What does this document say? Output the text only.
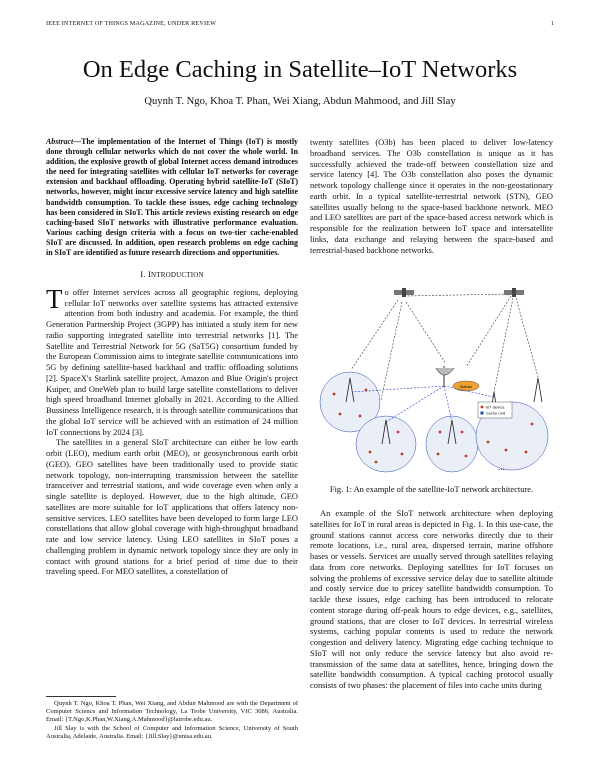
IEEE INTERNET OF THINGS MAGAZINE, UNDER REVIEW	1
On Edge Caching in Satellite–IoT Networks
Quynh T. Ngo, Khoa T. Phan, Wei Xiang, Abdun Mahmood, and Jill Slay
Abstract—The implementation of the Internet of Things (IoT) is mostly done through cellular networks which do not cover the whole world. In addition, the explosive growth of global Internet access demand introduces the need for integrating satellites with cellular IoT networks for coverage extension and backhaul offloading. Operating hybrid satellite-IoT (SIoT) networks, however, might incur excessive service latency and high satellite bandwidth consumption. To tackle these issues, edge caching technology has been considered in SIoT. This article reviews existing research on edge caching-based SIoT networks with illustrative performance evaluation. Various caching design criteria with a focus on two-tier cache-enabled SIoT are discussed. In addition, open research problems on edge caching in SIoT are identified as future research directions and opportunities.
I. INTRODUCTION

To offer Internet services across all geographic regions, deploying cellular IoT networks over satellite systems has attracted extensive attention from both industry and academia. For example, the third Generation Partnership Project (3GPP) has initiated a study item for new radio supporting integrated satellite into terrestrial networks [1]. The Satellite and Terrestrial Network for 5G (SaT5G) consortium funded by the European Commission aims to integrate satellite communications into 5G by defining satellite-based backhaul and traffic offloading solutions [2]. SpaceX's Starlink satellite project, Amazon and Blue Origin's project Kuiper, and OneWeb plan to build large satellite constellations to deliver high speed broadband Internet globally in 2021. According to the Allied Bussiness Intelligence research, it is through satellite communications that the global IoT service will be achieved with an estimation of 24 million IoT connections by 2024 [3].

The satellites in a general SIoT architecture can either be low earth orbit (LEO), medium earth orbit (MEO), or geosynchronous earth orbit (GEO). GEO satellites have been traditionally used to provide static network topology, non-interrupting transmission between the satellite transceiver and terrestrial stations, and wide coverage even when only a single satellite is deployed. However, due to the high altitude, GEO satellites are more suitable for IoT applications that offers latency non-sensitive services. LEO satellites have been developed to form large LEO constellations that allow global coverage with high-throughput broadband rate and low service latency. Using LEO satellites in SIoT poses a challenging problem in dynamic network topology since they are only in contact with ground stations for a brief period of time due to their traveling speed. For MEO satellites, a constellation of

Quynh T. Ngo, Khoa T. Phan, Wei Xiang, and Abdun Mahmood are with the Department of Computer Science and Information Technology, La Trobe University, VIC 3086, Australia. Email: {T.Ngo,K.Phan,W.Xiang,A.Mahmood}@latrobe.edu.au.

Jill Slay is with the School of Computer and Information Science, University of South Australia, Adelaide, Australia. Email: {Jill.Slay}@unisa.edu.au.

twenty satellites (O3b) has been placed to deliver low-latency broadband services. The O3b constellation is unique as it has successfully achieved the trade-off between constellation size and service latency [4]. The O3b constellation also poses the dynamic network topology challenge since it operates in the non-geostationary earth orbit. In a typical satellite-terrestrial network (STN), GEO satellites usually belong to the space-based backbone network. MEO and LEO satellites are part of the space-based access network which is responsible for the realization between IoT space and intersatellite links, data exchange and relaying between the space-based and terrestrial-based backbone networks.

Station
IoT device
Cache unit
...
Fig. 1: An example of the satellite-IoT network architecture.

An example of the SIoT network architecture when deploying satellites for IoT in rural areas is depicted in Fig. 1. In this use-case, the ground stations cannot access core networks directly due to their remote locations, i.e., rural area, dispersed terrain, marine offshore bases or vessels. Services are usually served through satellites relaying data from core networks. Deploying satellites for IoT focuses on solving the problems of excessive service delay due to satellite altitude and costly service due to pricey satellite bandwidth consumption. To tackle these issues, edge caching has been introduced to relocate content storage during off-peak hours to edge devices, e.g., satellites, ground stations, that are closer to IoT devices. In terrestrial wireless systems, caching popular contents is used to reduce the network congestion and delivery latency. Migrating edge caching technique to SIoT will not only reduce the service latency but also avoid re-transmission of the same data at satellites, hence, bringing down the satellite bandwidth consumption. A typical caching protocol usually consists of two phases: the placement of files into cache units during
